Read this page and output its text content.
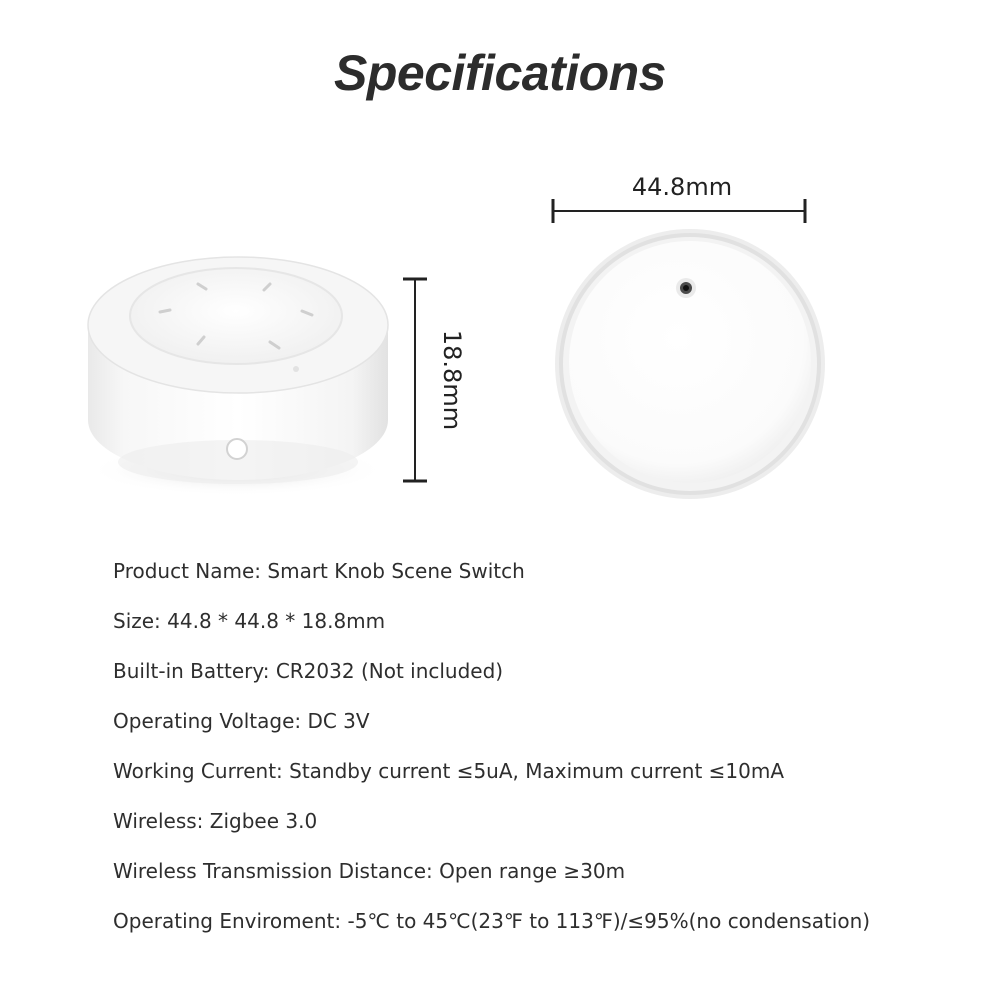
Specifications
18.8mm
44.8mm
Product Name: Smart Knob Scene Switch
Size: 44.8 * 44.8 * 18.8mm
Built-in Battery: CR2032 (Not included)
Operating Voltage: DC 3V
Working Current: Standby current ≤5uA, Maximum current ≤10mA
Wireless: Zigbee 3.0
Wireless Transmission Distance: Open range ≥30m
Operating Enviroment: -5℃ to 45℃(23℉ to 113℉)/≤95%(no condensation)
